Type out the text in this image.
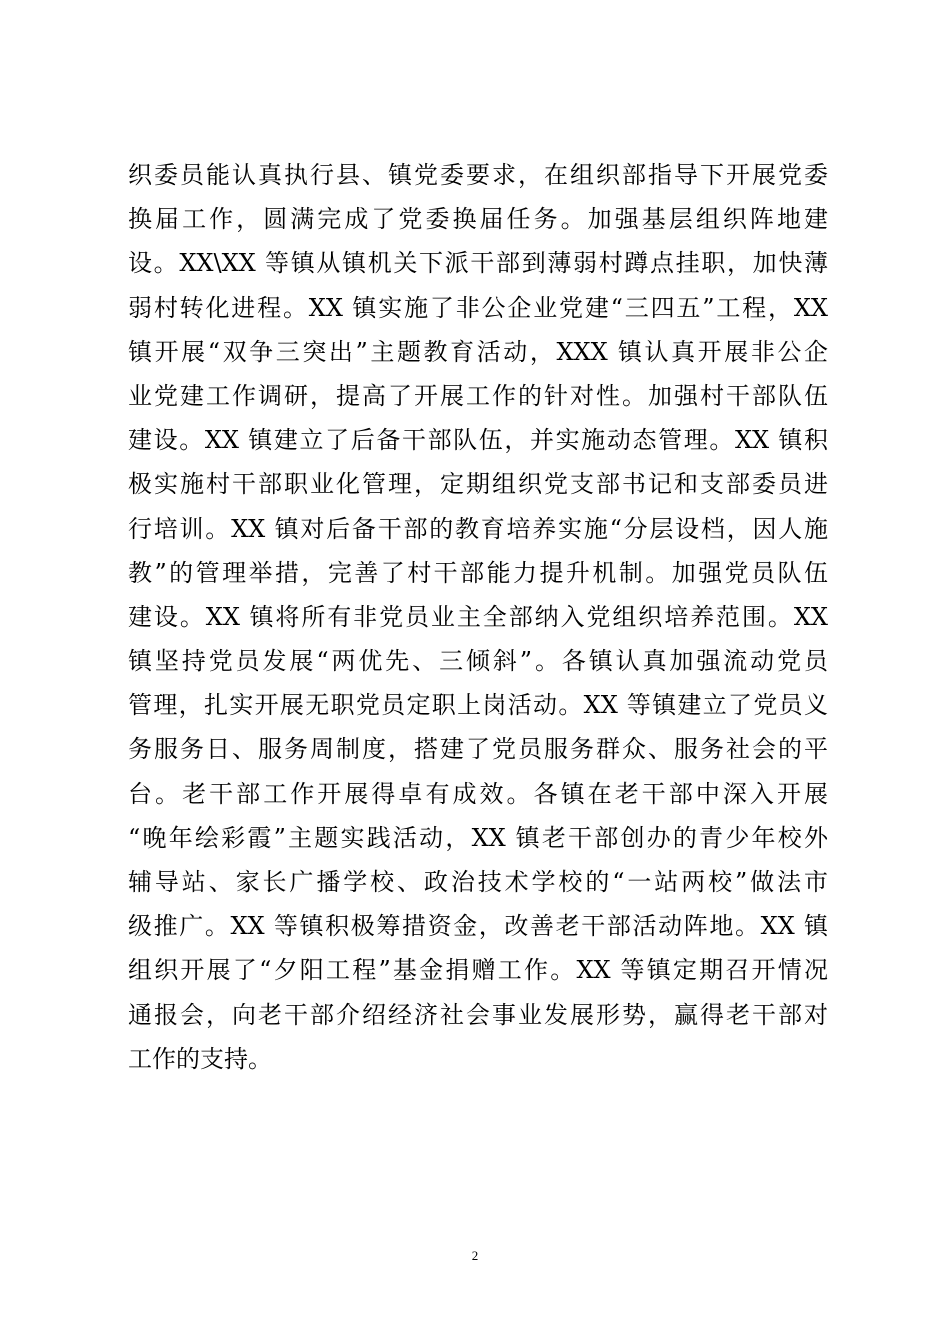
织委员能认真执行县、镇党委要求，在组织部指导下开展党委
换届工作，圆满完成了党委换届任务。加强基层组织阵地建
设。XX\XX 等镇从镇机关下派干部到薄弱村蹲点挂职，加快薄
弱村转化进程。XX 镇实施了非公企业党建“三四五”工程，XX
镇开展“双争三突出”主题教育活动，XXX 镇认真开展非公企
业党建工作调研，提高了开展工作的针对性。加强村干部队伍
建设。XX 镇建立了后备干部队伍，并实施动态管理。XX 镇积
极实施村干部职业化管理，定期组织党支部书记和支部委员进
行培训。XX 镇对后备干部的教育培养实施“分层设档，因人施
教”的管理举措，完善了村干部能力提升机制。加强党员队伍
建设。XX 镇将所有非党员业主全部纳入党组织培养范围。XX
镇坚持党员发展“两优先、三倾斜”。各镇认真加强流动党员
管理，扎实开展无职党员定职上岗活动。XX 等镇建立了党员义
务服务日、服务周制度，搭建了党员服务群众、服务社会的平
台。老干部工作开展得卓有成效。各镇在老干部中深入开展
“晚年绘彩霞”主题实践活动，XX 镇老干部创办的青少年校外
辅导站、家长广播学校、政治技术学校的“一站两校”做法市
级推广。XX 等镇积极筹措资金，改善老干部活动阵地。XX 镇
组织开展了“夕阳工程”基金捐赠工作。XX 等镇定期召开情况
通报会，向老干部介绍经济社会事业发展形势，赢得老干部对
工作的支持。
2
